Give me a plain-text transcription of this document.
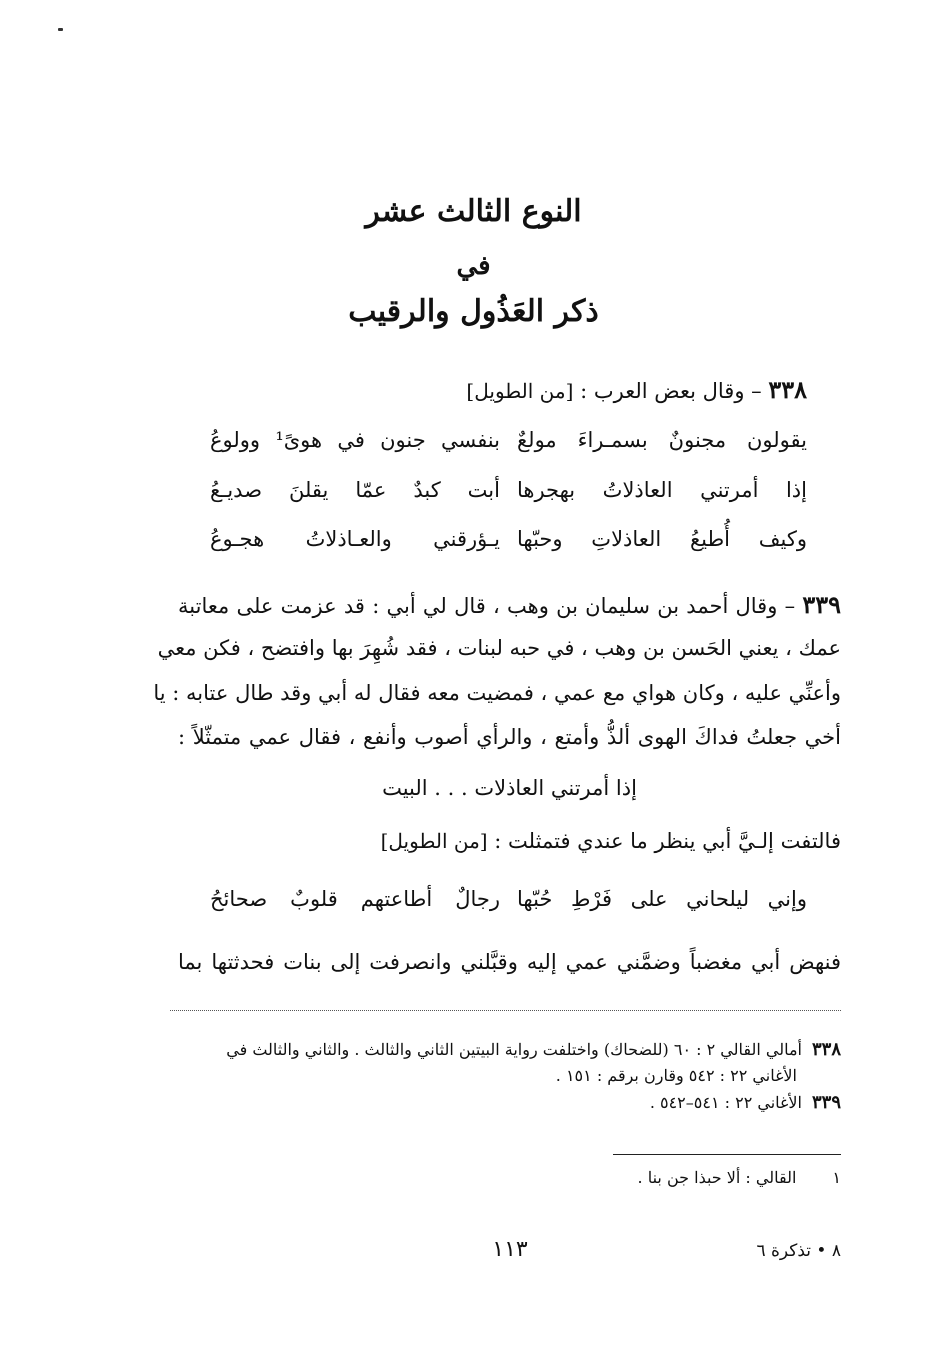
النوع الثالث عشر
في
ذكر العَذُول والرقيب

٣٣٨ – وقال بعض العرب : [من الطويل]

يقولون مجنونٌ بسمـراءَ مولعٌ
بنفسي جنون في هوىً¹ وولوعُ
إذا أمرتني العاذلاتُ بهجرها
أبت كبدٌ عمّا يقلنَ صديـعُ
وكيف أُطيعُ العاذلاتِ وحبّها
يـؤرقني والعـاذلاتُ هجـوعُ

٣٣٩ – وقال أحمد بن سليمان بن وهب ، قال لي أبي : قد عزمت على معاتبة

عمك ، يعني الحَسن بن وهب ، في حبه لبنات ، فقد شُهِرَ بها وافتضح ، فكن معي

وأعنِّي عليه ، وكان هواي مع عمي ، فمضيت معه فقال له أبي وقد طال عتابه : يا

أخي جعلتُ فداكَ الهوى ألذُّ وأمتع ، والرأي أصوب وأنفع ، فقال عمي متمثّلاً :

إذا أمرتني العاذلات . . . البيت

فالتفت إلـيَّ أبي ينظر ما عندي فتمثلت : [من الطويل]

وإني ليلحاني على فَرْطِ حُبّها
رجالٌ أطاعتهم قلوبٌ صحائحُ

فنهض أبي مغضباً وضمَّني عمي إليه وقبَّلني وانصرفت إلى بنات فحدثتها بما

٣٣٨أمالي القالي ٢ : ٦٠ (للضحاك) واختلفت رواية البيتين الثاني والثالث . والثاني والثالث في

الأغاني ٢٢ : ٥٤٢ وقارن برقم : ١٥١ .

٣٣٩الأغاني ٢٢ : ٥٤١–٥٤٢ .

١القالي : ألا حبذا جن بنا .

١١٣	٨ • تذكرة ٦
